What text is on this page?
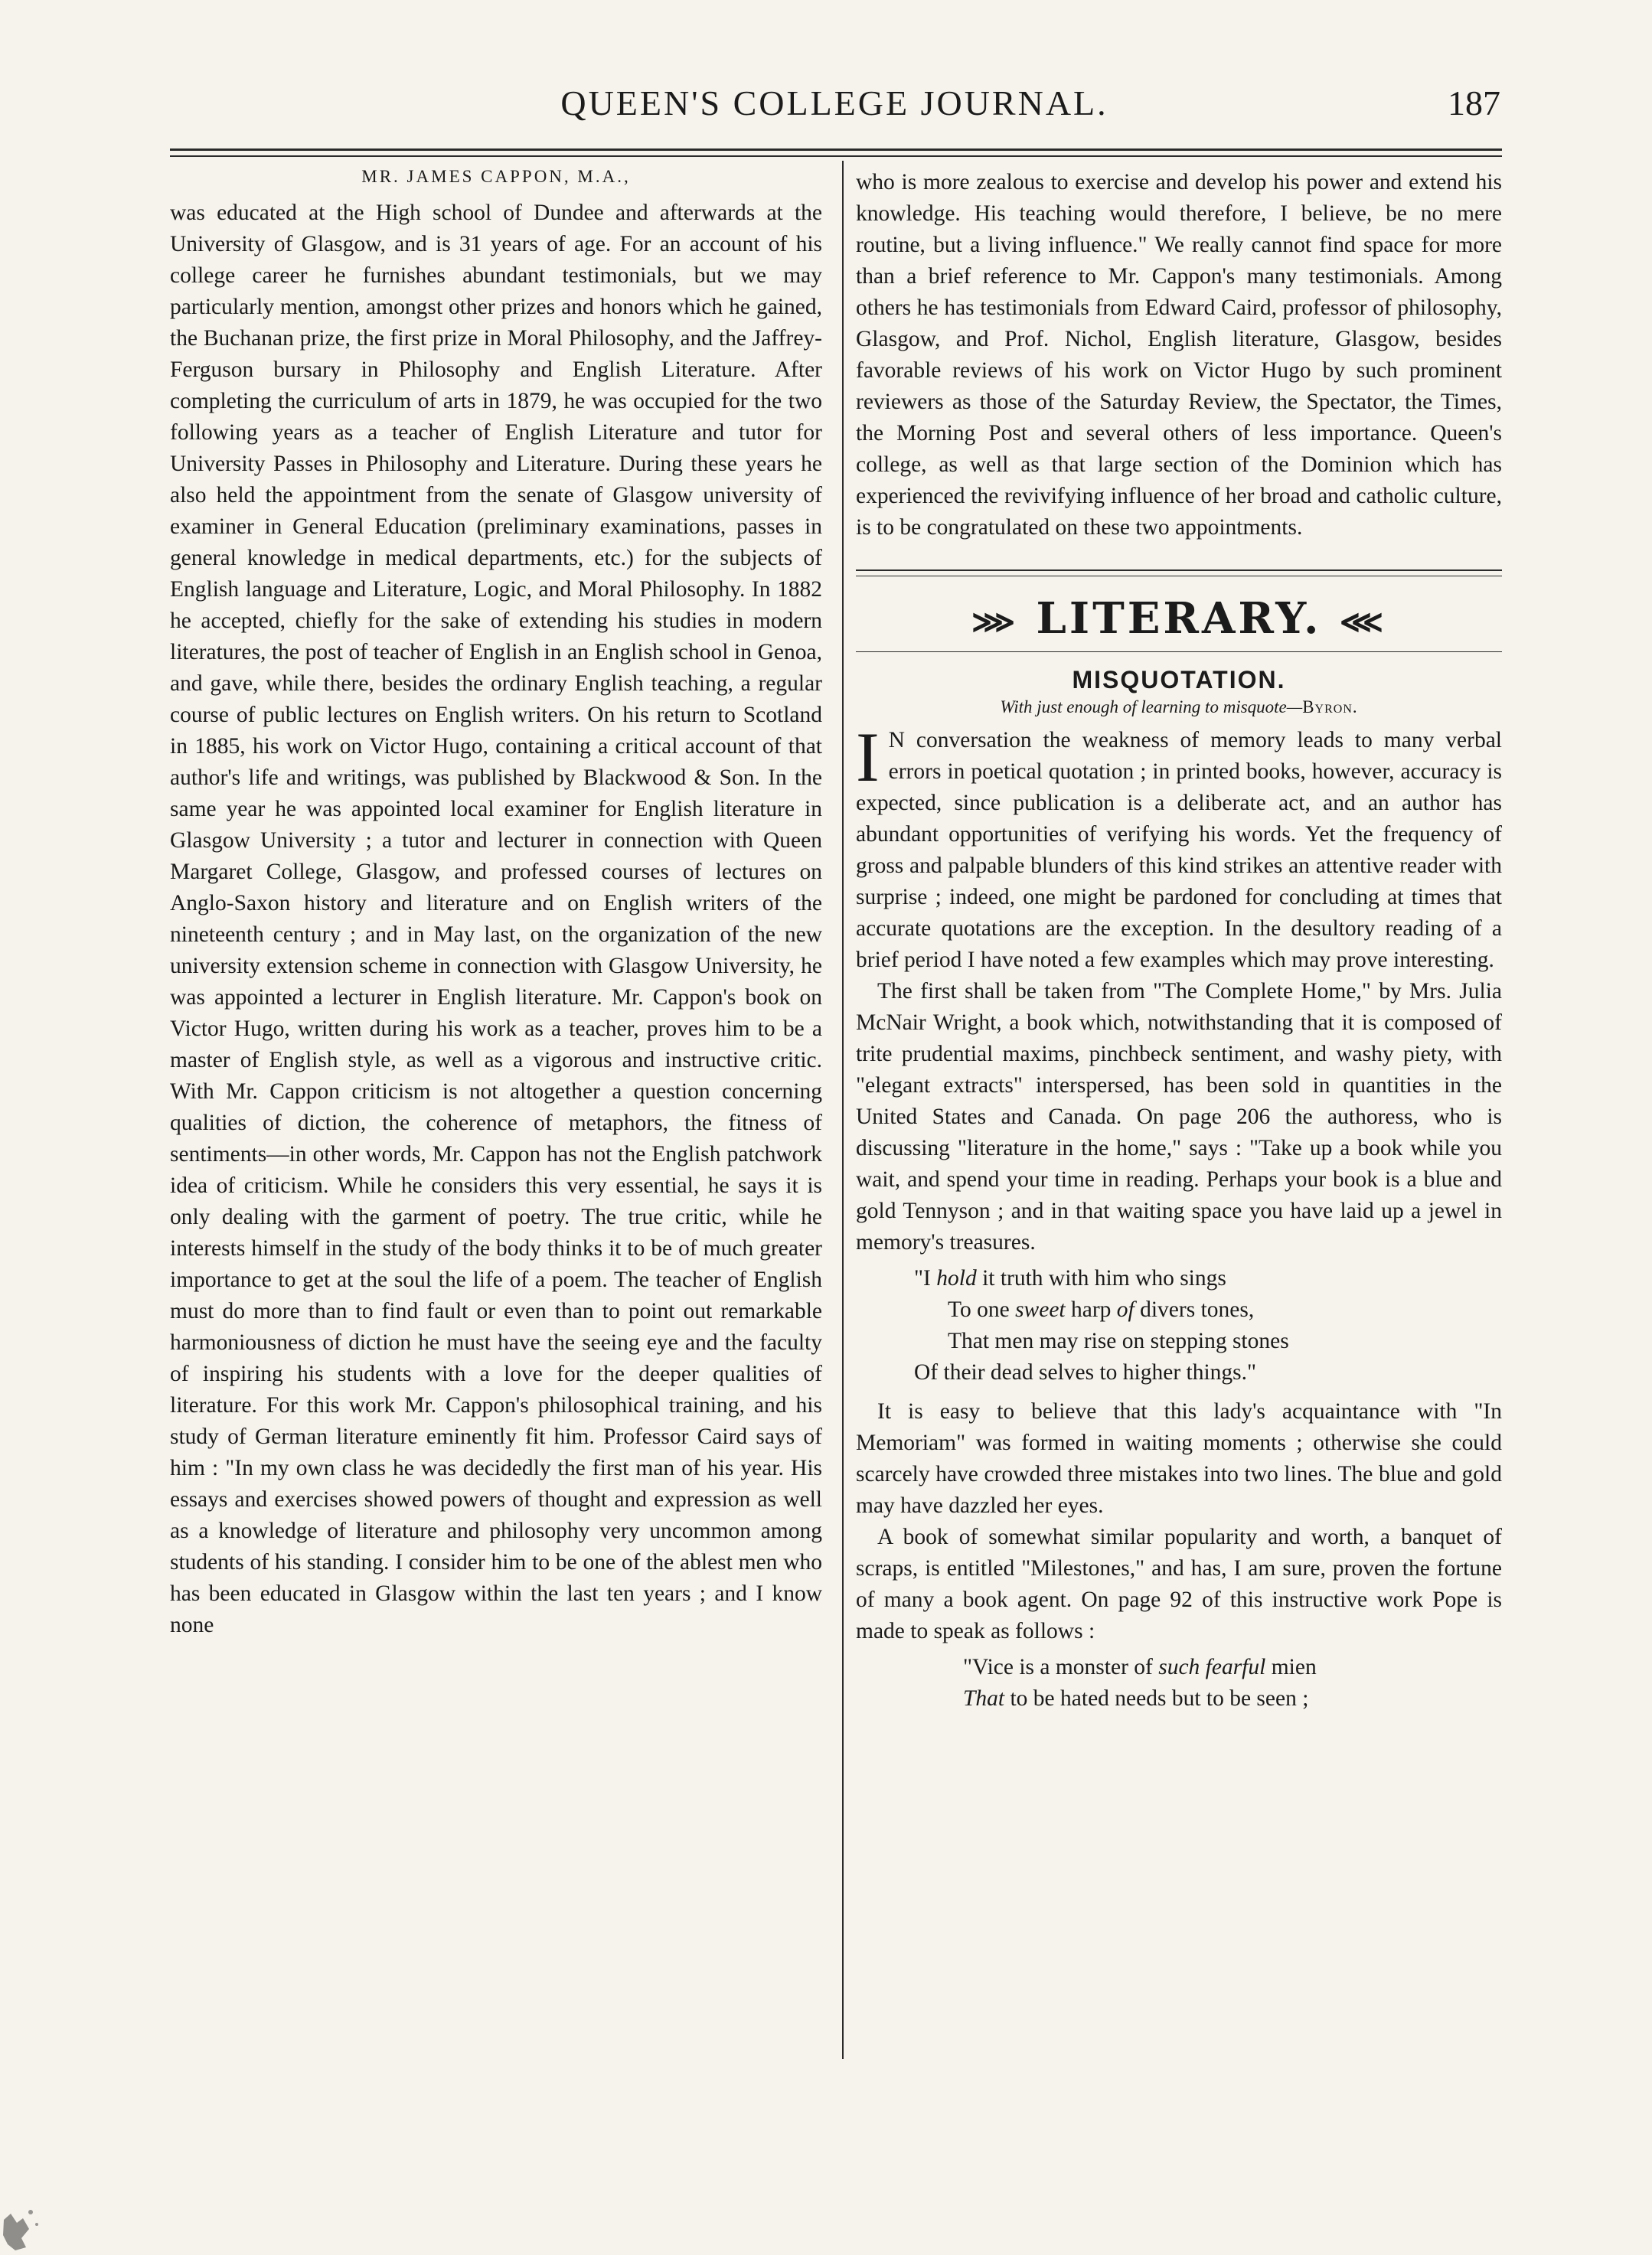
QUEEN'S COLLEGE JOURNAL.	187
MR. JAMES CAPPON, M.A.,

was educated at the High school of Dundee and afterwards at the University of Glasgow, and is 31 years of age. For an account of his college career he furnishes abundant testimonials, but we may particularly mention, amongst other prizes and honors which he gained, the Buchanan prize, the first prize in Moral Philosophy, and the Jaffrey-Ferguson bursary in Philosophy and English Literature. After completing the curriculum of arts in 1879, he was occupied for the two following years as a teacher of English Literature and tutor for University Passes in Philosophy and Literature. During these years he also held the appointment from the senate of Glasgow university of examiner in General Education (preliminary examinations, passes in general knowledge in medical departments, etc.) for the subjects of English language and Literature, Logic, and Moral Philosophy. In 1882 he accepted, chiefly for the sake of extending his studies in modern literatures, the post of teacher of English in an English school in Genoa, and gave, while there, besides the ordinary English teaching, a regular course of public lectures on English writers. On his return to Scotland in 1885, his work on Victor Hugo, containing a critical account of that author's life and writings, was published by Blackwood & Son. In the same year he was appointed local examiner for English literature in Glasgow University ; a tutor and lecturer in connection with Queen Margaret College, Glasgow, and professed courses of lectures on Anglo-Saxon history and literature and on English writers of the nineteenth century ; and in May last, on the organization of the new university extension scheme in connection with Glasgow University, he was appointed a lecturer in English literature. Mr. Cappon's book on Victor Hugo, written during his work as a teacher, proves him to be a master of English style, as well as a vigorous and instructive critic. With Mr. Cappon criticism is not altogether a question concerning qualities of diction, the coherence of metaphors, the fitness of sentiments—in other words, Mr. Cappon has not the English patchwork idea of criticism. While he considers this very essential, he says it is only dealing with the garment of poetry. The true critic, while he interests himself in the study of the body thinks it to be of much greater importance to get at the soul the life of a poem. The teacher of English must do more than to find fault or even than to point out remarkable harmoniousness of diction he must have the seeing eye and the faculty of inspiring his students with a love for the deeper qualities of literature. For this work Mr. Cappon's philosophical training, and his study of German literature eminently fit him. Professor Caird says of him : "In my own class he was decidedly the first man of his year. His essays and exercises showed powers of thought and expression as well as a knowledge of literature and philosophy very uncommon among students of his standing. I consider him to be one of the ablest men who has been educated in Glasgow within the last ten years ; and I know none

who is more zealous to exercise and develop his power and extend his knowledge. His teaching would therefore, I believe, be no mere routine, but a living influence." We really cannot find space for more than a brief reference to Mr. Cappon's many testimonials. Among others he has testimonials from Edward Caird, professor of philosophy, Glasgow, and Prof. Nichol, English literature, Glasgow, besides favorable reviews of his work on Victor Hugo by such prominent reviewers as those of the Saturday Review, the Spectator, the Times, the Morning Post and several others of less importance. Queen's college, as well as that large section of the Dominion which has experienced the revivifying influence of her broad and catholic culture, is to be congratulated on these two appointments.

⋙ LITERARY. ⋘
MISQUOTATION.
With just enough of learning to misquote—Byron.

I N conversation the weakness of memory leads to many verbal errors in poetical quotation ; in printed books, however, accuracy is expected, since publication is a deliberate act, and an author has abundant opportunities of verifying his words. Yet the frequency of gross and palpable blunders of this kind strikes an attentive reader with surprise ; indeed, one might be pardoned for concluding at times that accurate quotations are the exception. In the desultory reading of a brief period I have noted a few examples which may prove interesting.

The first shall be taken from "The Complete Home," by Mrs. Julia McNair Wright, a book which, notwithstanding that it is composed of trite prudential maxims, pinchbeck sentiment, and washy piety, with "elegant extracts" interspersed, has been sold in quantities in the United States and Canada. On page 206 the authoress, who is discussing "literature in the home," says : "Take up a book while you wait, and spend your time in reading. Perhaps your book is a blue and gold Tennyson ; and in that waiting space you have laid up a jewel in memory's treasures.

"I hold it truth with him who sings
To one sweet harp of divers tones,
That men may rise on stepping stones
Of their dead selves to higher things."

It is easy to believe that this lady's acquaintance with "In Memoriam" was formed in waiting moments ; otherwise she could scarcely have crowded three mistakes into two lines. The blue and gold may have dazzled her eyes.

A book of somewhat similar popularity and worth, a banquet of scraps, is entitled "Milestones," and has, I am sure, proven the fortune of many a book agent. On page 92 of this instructive work Pope is made to speak as follows :

"Vice is a monster of such fearful mien
That to be hated needs but to be seen ;
